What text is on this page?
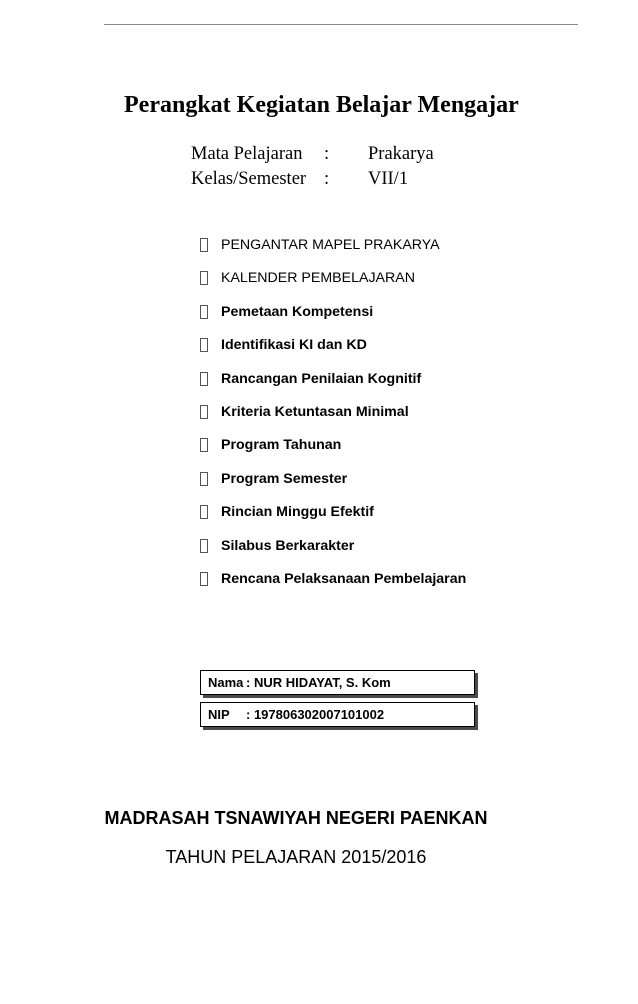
Perangkat Kegiatan Belajar Mengajar
Mata Pelajaran : Prakarya
Kelas/Semester : VII/1
PENGANTAR MAPEL PRAKARYA
KALENDER PEMBELAJARAN
Pemetaan Kompetensi
Identifikasi KI dan KD
Rancangan Penilaian Kognitif
Kriteria Ketuntasan Minimal
Program Tahunan
Program Semester
Rincian Minggu Efektif
Silabus Berkarakter
Rencana Pelaksanaan Pembelajaran
Nama : NUR HIDAYAT, S. Kom
NIP : 197806302007101002
MADRASAH TSNAWIYAH NEGERI PAENKAN
TAHUN PELAJARAN 2015/2016
